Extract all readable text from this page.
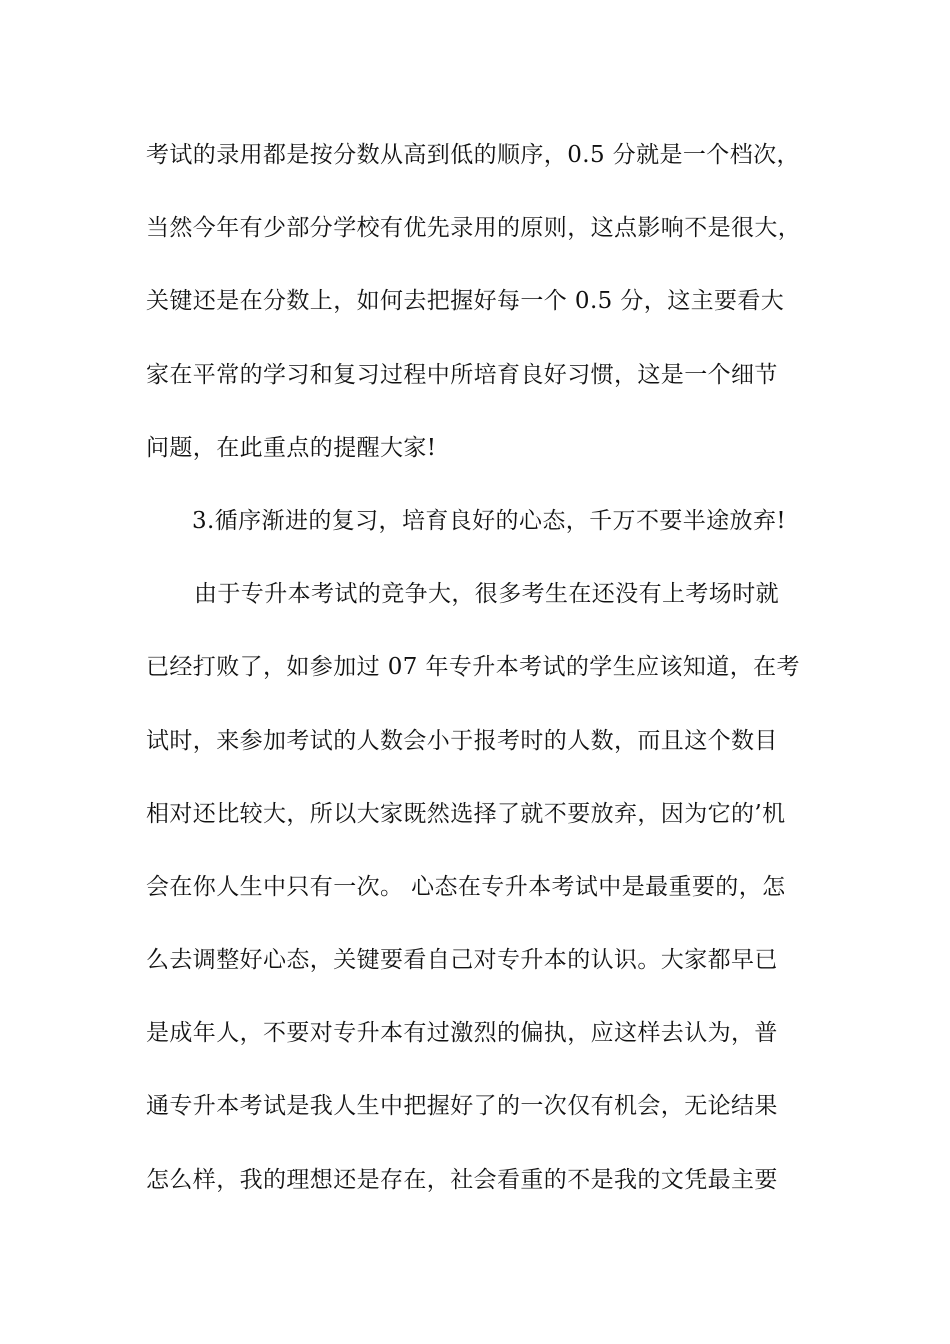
考试的录用都是按分数从高到低的顺序，0.5 分就是一个档次，
当然今年有少部分学校有优先录用的原则，这点影响不是很大，
关键还是在分数上，如何去把握好每一个 0.5 分，这主要看大
家在平常的学习和复习过程中所培育良好习惯，这是一个细节
问题，在此重点的提醒大家!
3.循序渐进的复习，培育良好的心态，千万不要半途放弃!
由于专升本考试的竞争大，很多考生在还没有上考场时就
已经打败了，如参加过 07 年专升本考试的学生应该知道，在考
试时，来参加考试的人数会小于报考时的人数，而且这个数目
相对还比较大，所以大家既然选择了就不要放弃，因为它的’机
会在你人生中只有一次。 心态在专升本考试中是最重要的，怎
么去调整好心态，关键要看自己对专升本的认识。大家都早已
是成年人，不要对专升本有过激烈的偏执，应这样去认为，普
通专升本考试是我人生中把握好了的一次仅有机会，无论结果
怎么样，我的理想还是存在，社会看重的不是我的文凭最主要
